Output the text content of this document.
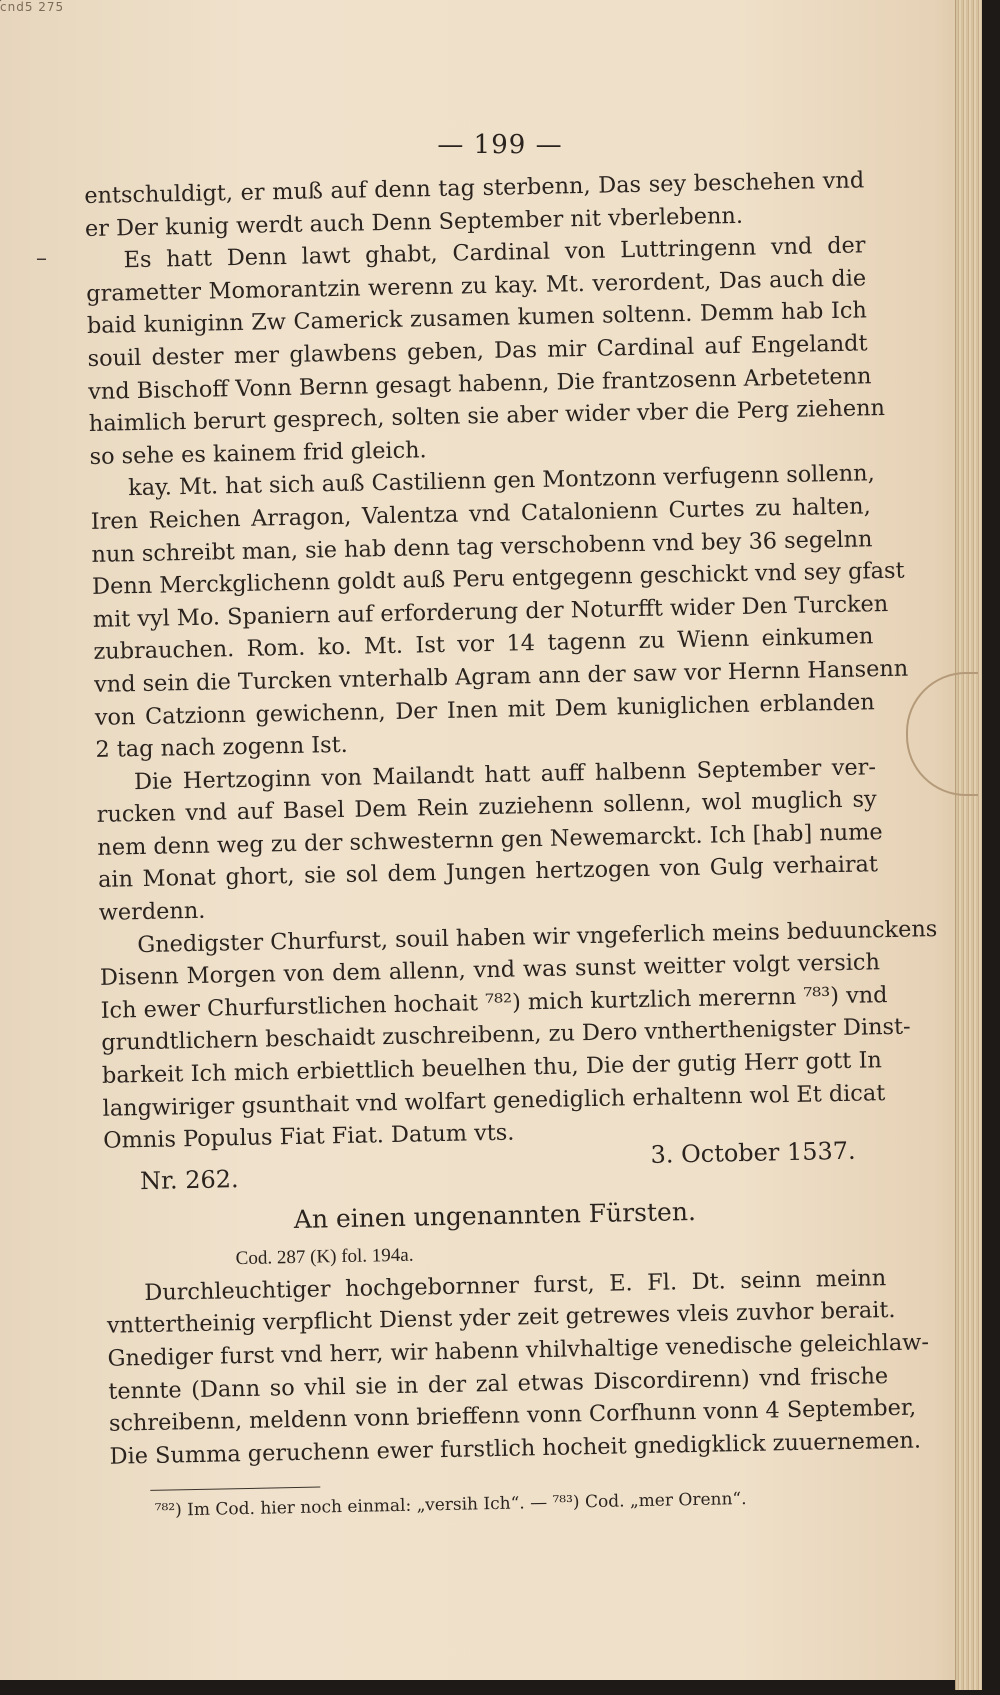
cnd5 275
–
— 199 —
entschuldigt, er muß auf denn tag sterbenn, Das sey beschehen vnd
er Der kunig werdt auch Denn September nit vberlebenn.
Es hatt Denn lawt ghabt, Cardinal von Luttringenn vnd der
grametter Momorantzin werenn zu kay. Mt. verordent, Das auch die
baid kuniginn Zw Camerick zusamen kumen soltenn. Demm hab Ich
souil dester mer glawbens geben, Das mir Cardinal auf Engelandt
vnd Bischoff Vonn Bernn gesagt habenn, Die frantzosenn Arbetetenn
haimlich berurt gesprech, solten sie aber wider vber die Perg ziehenn
so sehe es kainem frid gleich.
kay. Mt. hat sich auß Castilienn gen Montzonn verfugenn sollenn,
Iren Reichen Arragon, Valentza vnd Catalonienn Curtes zu halten,
nun schreibt man, sie hab denn tag verschobenn vnd bey 36 segelnn
Denn Merckglichenn goldt auß Peru entgegenn geschickt vnd sey gfast
mit vyl Mo. Spaniern auf erforderung der Noturfft wider Den Turcken
zubrauchen. Rom. ko. Mt. Ist vor 14 tagenn zu Wienn einkumen
vnd sein die Turcken vnterhalb Agram ann der saw vor Hernn Hansenn
von Catzionn gewichenn, Der Inen mit Dem kuniglichen erblanden
2 tag nach zogenn Ist.
Die Hertzoginn von Mailandt hatt auff halbenn September ver-
rucken vnd auf Basel Dem Rein zuziehenn sollenn, wol muglich sy
nem denn weg zu der schwesternn gen Newemarckt. Ich [hab] nume
ain Monat ghort, sie sol dem Jungen hertzogen von Gulg verhairat
werdenn.
Gnedigster Churfurst, souil haben wir vngeferlich meins beduunckens
Disenn Morgen von dem allenn, vnd was sunst weitter volgt versich
Ich ewer Churfurstlichen hochait ⁷⁸²) mich kurtzlich merernn ⁷⁸³) vnd
grundtlichern beschaidt zuschreibenn, zu Dero vntherthenigster Dinst-
barkeit Ich mich erbiettlich beuelhen thu, Die der gutig Herr gott In
langwiriger gsunthait vnd wolfart genediglich erhaltenn wol Et dicat
Omnis Populus Fiat Fiat. Datum vts.
Nr. 262.
3. October 1537.
An einen ungenannten Fürsten.
Cod. 287 (K) fol. 194a.
Durchleuchtiger hochgebornner furst, E. Fl. Dt. seinn meinn
vnttertheinig verpflicht Dienst yder zeit getrewes vleis zuvhor berait.
Gnediger furst vnd herr, wir habenn vhilvhaltige venedische geleichlaw-
tennte (Dann so vhil sie in der zal etwas Discordirenn) vnd frische
schreibenn, meldenn vonn brieffenn vonn Corfhunn vonn 4 September,
Die Summa geruchenn ewer furstlich hocheit gnedigklick zuuernemen.
⁷⁸²) Im Cod. hier noch einmal: „versih Ich“. — ⁷⁸³) Cod. „mer Orenn“.
